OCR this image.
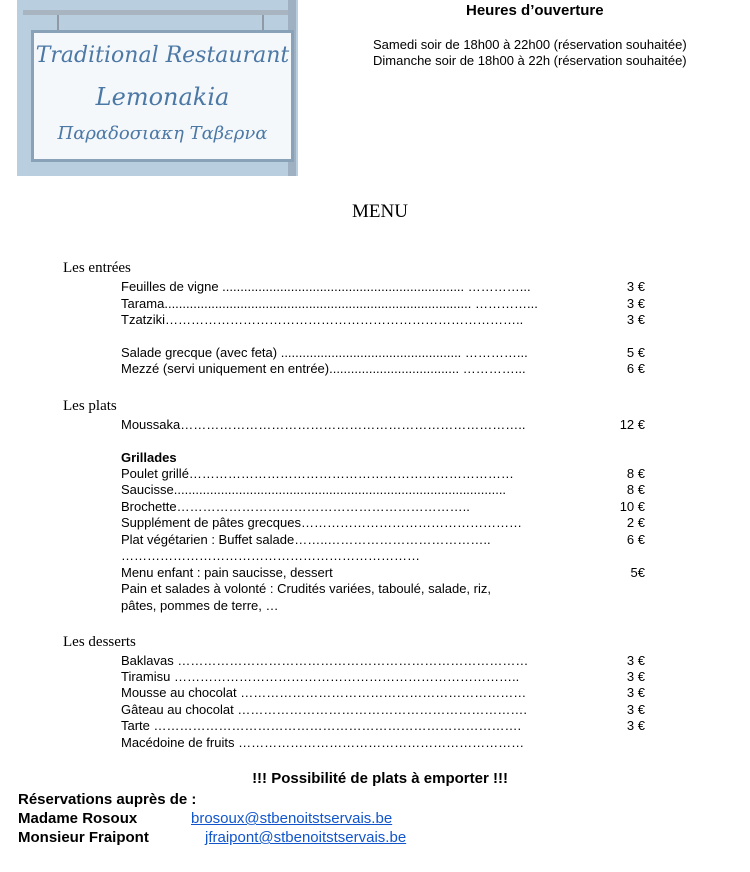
Traditional Restaurant
Lemonakia
Παραδοσιακη Ταβερνα
Heures d’ouverture
Samedi soir de 18h00 à 22h00 (réservation souhaitée)
Dimanche soir de 18h00 à 22h (réservation souhaitée)
MENU
Les entrées
Feuilles de vigne ................................................................... …………...	3 €
Tarama..................................................................................... …………...	3 €
Tzatziki………………………………………………………………………..	3 €
Salade grecque (avec feta) .................................................. …………...	5 €
Mezzé (servi uniquement en entrée).................................... …………...	6 €
Les plats
Moussaka……………………………………………………………………..	12 €
Grillades
Poulet grillé…………………………………………………………………	8 €
Saucisse............................................................................................	8 €
Brochette…………………………………………………………..	10 €
Supplément de pâtes grecques……………………………………………	2 €
Plat végétarien : Buffet salade……..………………………………..	6 €
……………………………………………………………
Menu enfant : pain saucisse, dessert	5€
Pain et salades à volonté : Crudités variées, taboulé, salade, riz,
pâtes, pommes de terre, …
Les desserts
Baklavas ………………………………………………………………………	3 €
Tiramisu ……………………………………………………………………..	3 €
Mousse au chocolat …………………………………………………………	3 €
Gâteau au chocolat ………………………………………………………….	3 €
Tarte ………………………………………………………………………….	3 €
Macédoine de fruits …………………………………………………………
!!! Possibilité de plats à emporter !!!
Réservations auprès de :
Madame Rosoux	brosoux@stbenoitstservais.be
Monsieur Fraipont	jfraipont@stbenoitstservais.be
